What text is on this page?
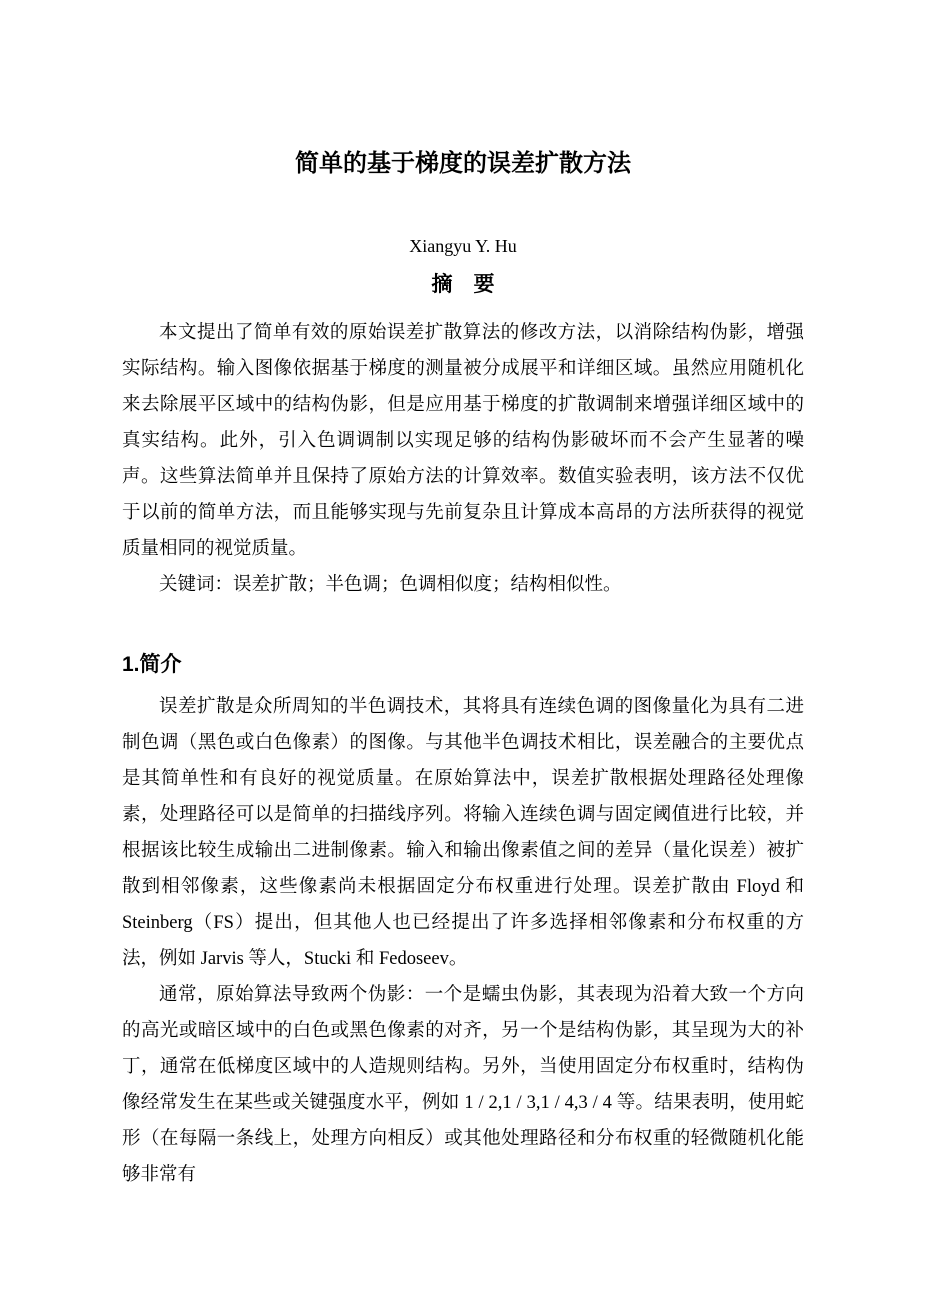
简单的基于梯度的误差扩散方法
Xiangyu Y. Hu
摘　要

本文提出了简单有效的原始误差扩散算法的修改方法，以消除结构伪影，增强实际结构。输入图像依据基于梯度的测量被分成展平和详细区域。虽然应用随机化来去除展平区域中的结构伪影，但是应用基于梯度的扩散调制来增强详细区域中的真实结构。此外，引入色调调制以实现足够的结构伪影破坏而不会产生显著的噪声。这些算法简单并且保持了原始方法的计算效率。数值实验表明，该方法不仅优于以前的简单方法，而且能够实现与先前复杂且计算成本高昂的方法所获得的视觉质量相同的视觉质量。

关键词：误差扩散；半色调；色调相似度；结构相似性。

1.简介

误差扩散是众所周知的半色调技术，其将具有连续色调的图像量化为具有二进制色调（黑色或白色像素）的图像。与其他半色调技术相比，误差融合的主要优点是其简单性和有良好的视觉质量。在原始算法中，误差扩散根据处理路径处理像素，处理路径可以是简单的扫描线序列。将输入连续色调与固定阈值进行比较，并根据该比较生成输出二进制像素。输入和输出像素值之间的差异（量化误差）被扩散到相邻像素，这些像素尚未根据固定分布权重进行处理。误差扩散由 Floyd 和 Steinberg（FS）提出，但其他人也已经提出了许多选择相邻像素和分布权重的方法，例如 Jarvis 等人，Stucki 和 Fedoseev。

通常，原始算法导致两个伪影：一个是蠕虫伪影，其表现为沿着大致一个方向的高光或暗区域中的白色或黑色像素的对齐，另一个是结构伪影，其呈现为大的补丁，通常在低梯度区域中的人造规则结构。另外，当使用固定分布权重时，结构伪像经常发生在某些或关键强度水平，例如 1 / 2,1 / 3,1 / 4,3 / 4 等。结果表明，使用蛇形（在每隔一条线上，处理方向相反）或其他处理路径和分布权重的轻微随机化能够非常有
